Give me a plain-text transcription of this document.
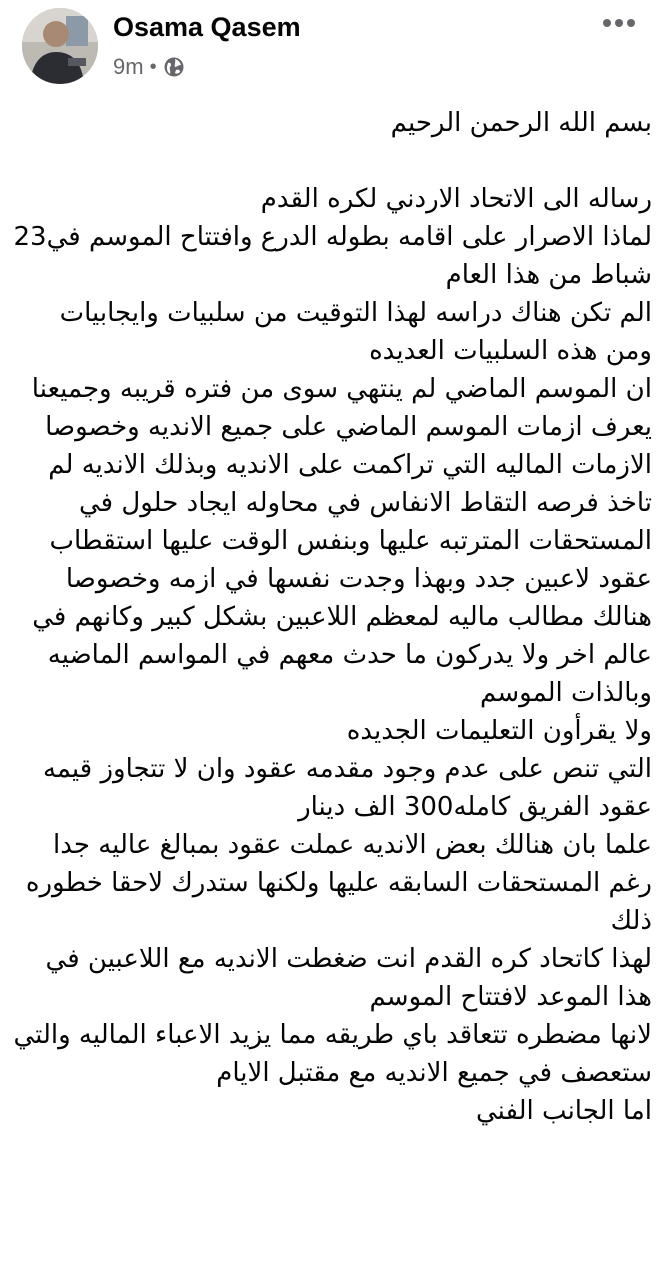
Osama Qasem
9m •
بسم الله الرحمن الرحيم
رساله الى الاتحاد الاردني لكره القدم
لماذا الاصرار على اقامه بطوله الدرع وافتتاح الموسم في23
شباط من هذا العام
الم تكن هناك دراسه لهذا التوقيت من سلبيات وايجابيات
ومن هذه السلبيات العديده
ان الموسم الماضي لم ينتهي سوى من فتره قريبه وجميعنا
يعرف ازمات الموسم الماضي على جميع الانديه وخصوصا
الازمات الماليه التي تراكمت على الانديه وبذلك الانديه لم
تاخذ فرصه التقاط الانفاس في محاوله ايجاد حلول في
المستحقات المترتبه عليها وبنفس الوقت عليها استقطاب
عقود لاعبين جدد وبهذا وجدت نفسها في ازمه وخصوصا
هنالك مطالب ماليه لمعظم اللاعبين بشكل كبير وكانهم في
عالم اخر ولا يدركون ما حدث معهم في المواسم الماضيه
وبالذات الموسم
ولا يقرأون التعليمات الجديده
التي تنص على عدم وجود مقدمه عقود وان لا تتجاوز قيمه
عقود الفريق كامله300 الف دينار
علما بان هنالك بعض الانديه عملت عقود بمبالغ عاليه جدا
رغم المستحقات السابقه عليها ولكنها ستدرك لاحقا خطوره
ذلك
لهذا كاتحاد كره القدم انت ضغطت الانديه مع اللاعبين في
هذا الموعد لافتتاح الموسم
لانها مضطره تتعاقد باي طريقه مما يزيد الاعباء الماليه والتي
ستعصف في جميع الانديه مع مقتبل الايام
اما الجانب الفني
